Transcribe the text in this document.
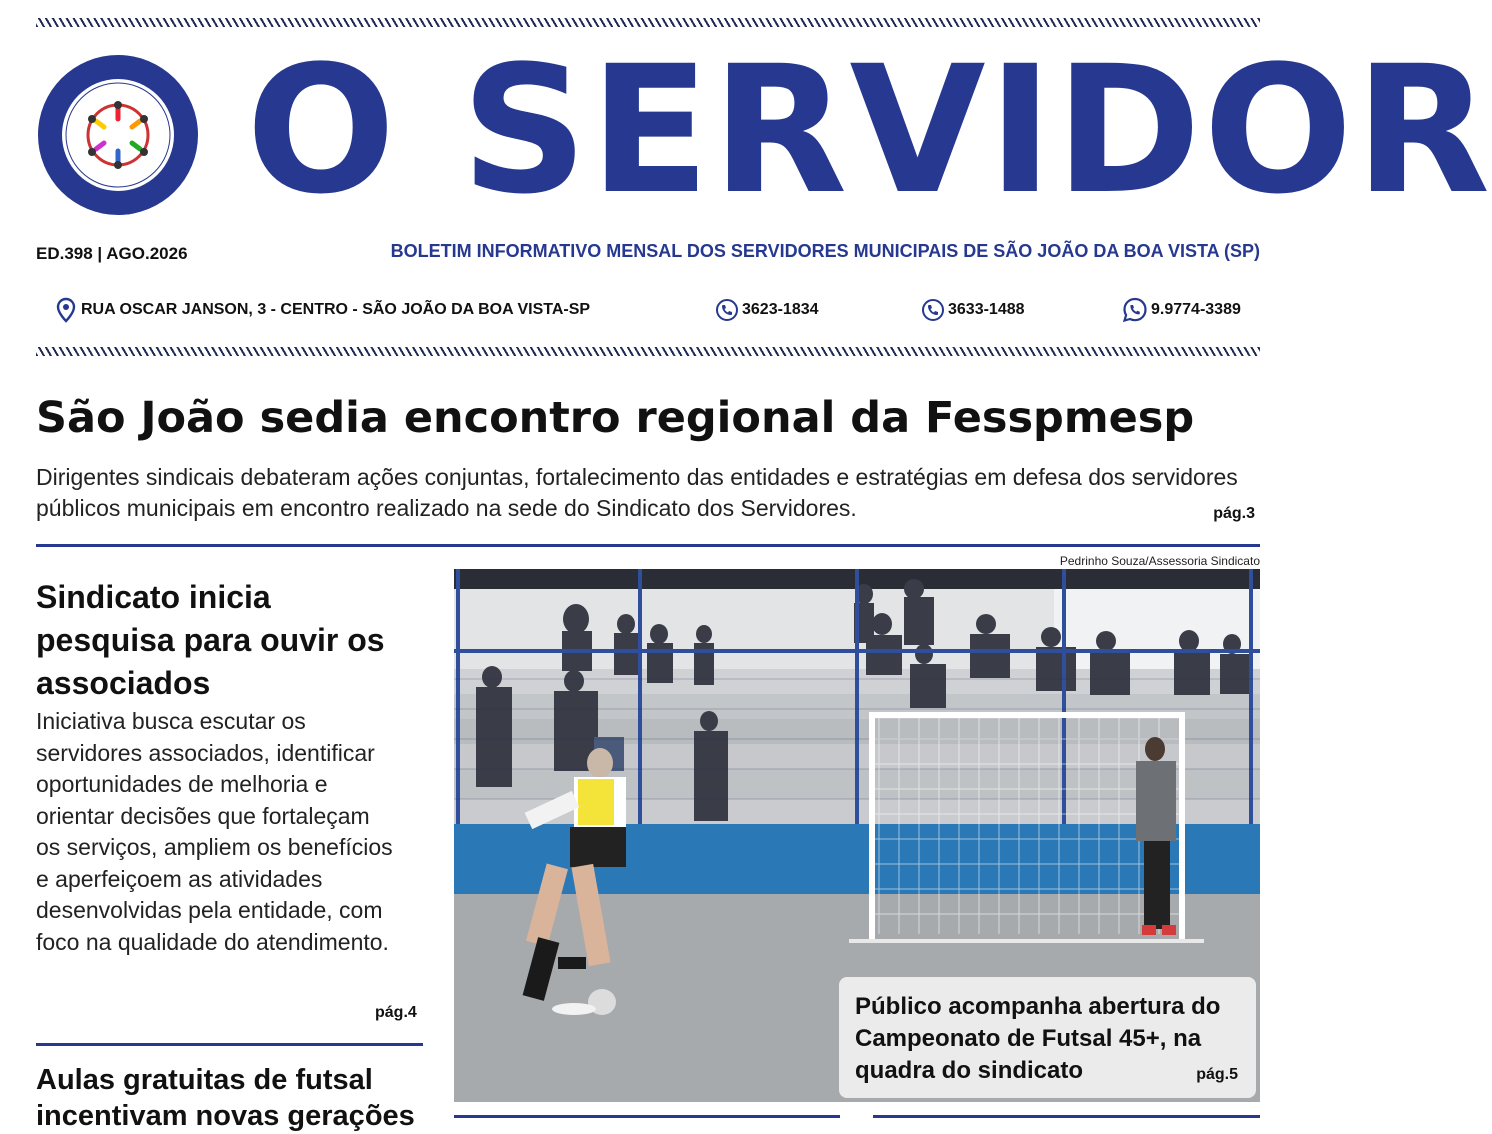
O SERVIDOR
ED.398 | AGO.2026	BOLETIM INFORMATIVO MENSAL DOS SERVIDORES MUNICIPAIS DE SÃO JOÃO DA BOA VISTA (SP)
RUA OSCAR JANSON, 3 - CENTRO - SÃO JOÃO DA BOA VISTA-SP	3623-1834	3633-1488	9.9774-3389
São João sedia encontro regional da Fesspmesp

Dirigentes sindicais debateram ações conjuntas, fortalecimento das entidades e estratégias em defesa dos servidores públicos municipais em encontro realizado na sede do Sindicato dos Servidores.	pág.3
Pedrinho Souza/Assessoria Sindicato
Sindicato inicia pesquisa para ouvir os associados

Iniciativa busca escutar os servidores associados, identificar oportunidades de melhoria e orientar decisões que fortaleçam os serviços, ampliem os benefícios e aperfeiçoem as atividades desenvolvidas pela entidade, com foco na qualidade do atendimento.

pág.4
Aulas gratuitas de futsal incentivam novas gerações

Público acompanha abertura do Campeonato de Futsal 45+, na quadra do sindicato	pág.5
